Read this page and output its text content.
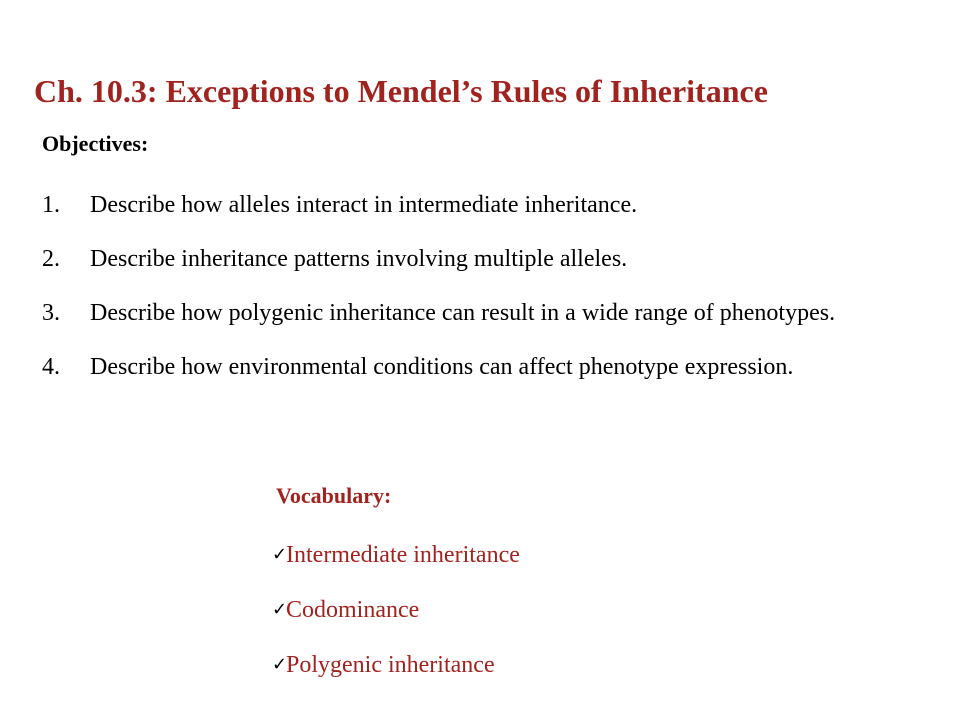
Ch. 10.3: Exceptions to Mendel’s Rules of Inheritance
Objectives:
1. Describe how alleles interact in intermediate inheritance.
2. Describe inheritance patterns involving multiple alleles.
3. Describe how polygenic inheritance can result in a wide range of phenotypes.
4. Describe how environmental conditions can affect phenotype expression.
Vocabulary:
✓Intermediate inheritance
✓Codominance
✓Polygenic inheritance
